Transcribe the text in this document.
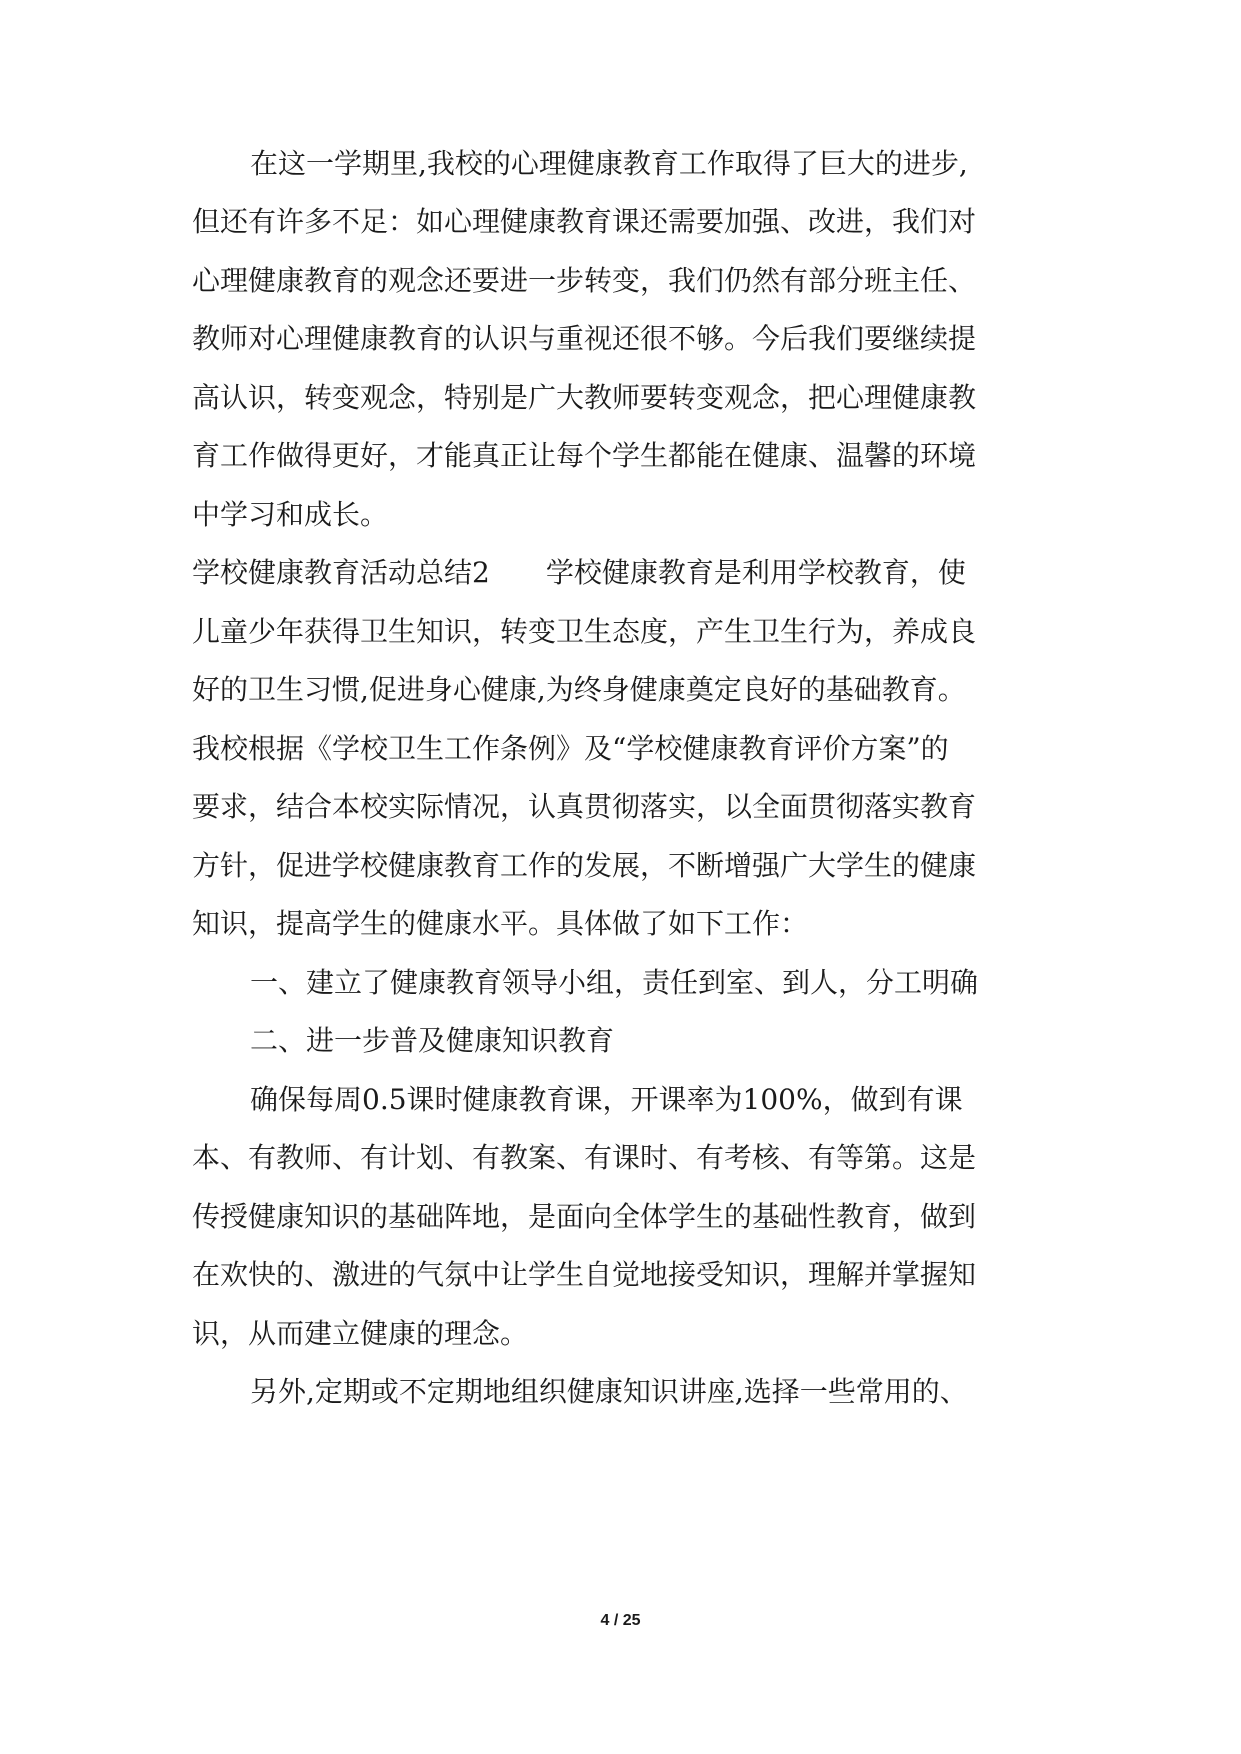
在这一学期里,我校的心理健康教育工作取得了巨大的进步,
但还有许多不足：如心理健康教育课还需要加强、改进，我们对
心理健康教育的观念还要进一步转变，我们仍然有部分班主任、
教师对心理健康教育的认识与重视还很不够。今后我们要继续提
高认识，转变观念，特别是广大教师要转变观念，把心理健康教
育工作做得更好，才能真正让每个学生都能在健康、温馨的环境
中学习和成长。
学校健康教育活动总结2　　学校健康教育是利用学校教育，使
儿童少年获得卫生知识，转变卫生态度，产生卫生行为，养成良
好的卫生习惯,促进身心健康,为终身健康奠定良好的基础教育。
我校根据《学校卫生工作条例》及“学校健康教育评价方案”的
要求，结合本校实际情况，认真贯彻落实，以全面贯彻落实教育
方针，促进学校健康教育工作的发展，不断增强广大学生的健康
知识，提高学生的健康水平。具体做了如下工作：
一、建立了健康教育领导小组，责任到室、到人，分工明确
二、进一步普及健康知识教育
确保每周0.5课时健康教育课，开课率为100%，做到有课
本、有教师、有计划、有教案、有课时、有考核、有等第。这是
传授健康知识的基础阵地，是面向全体学生的基础性教育，做到
在欢快的、激进的气氛中让学生自觉地接受知识，理解并掌握知
识，从而建立健康的理念。
另外,定期或不定期地组织健康知识讲座,选择一些常用的、
4 / 25
